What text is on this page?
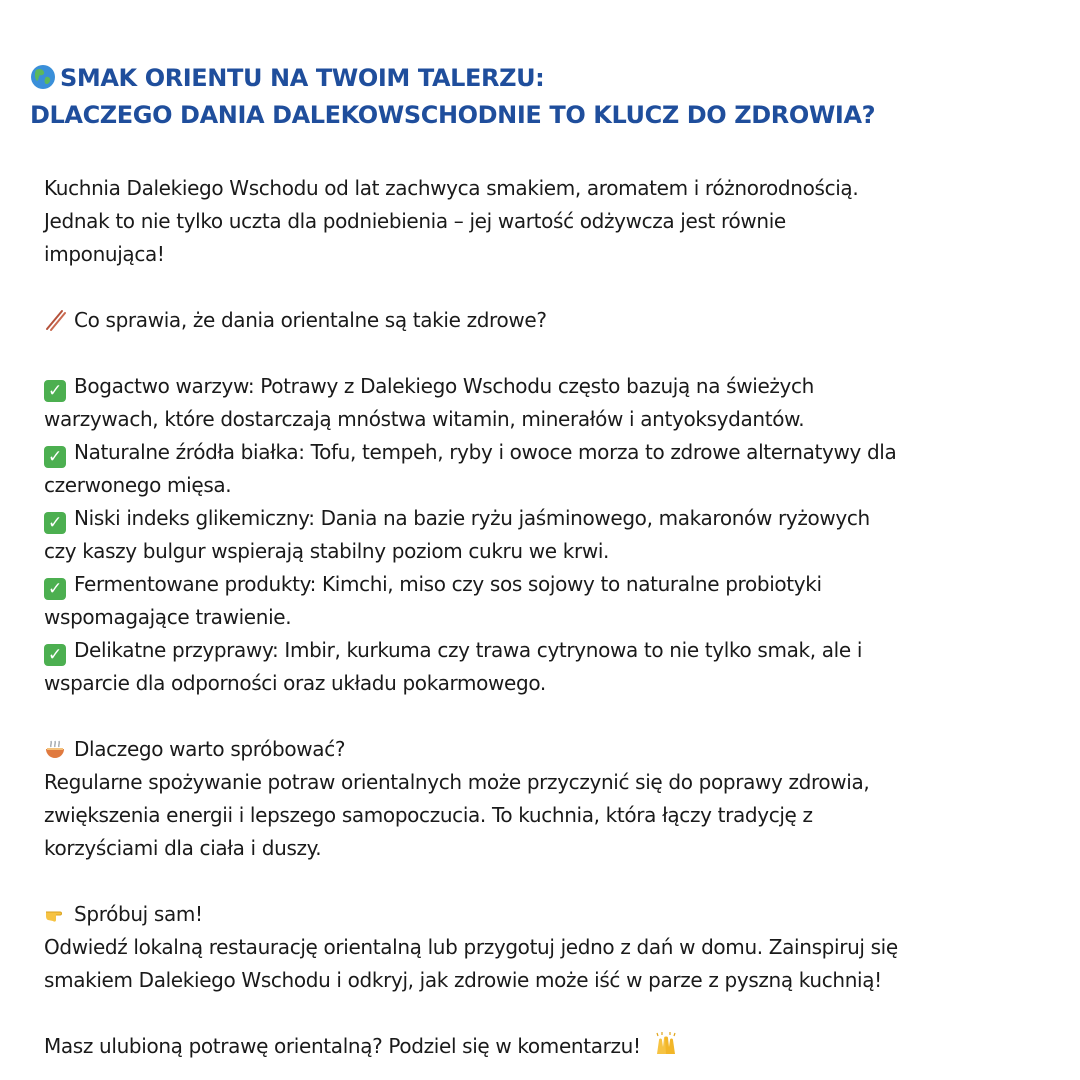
SMAK ORIENTU NA TWOIM TALERZU:
DLACZEGO DANIA DALEKOWSCHODNIE TO KLUCZ DO ZDROWIA?
Kuchnia Dalekiego Wschodu od lat zachwyca smakiem, aromatem i różnorodnością.
Jednak to nie tylko uczta dla podniebienia – jej wartość odżywcza jest równie
imponująca!
Co sprawia, że dania orientalne są takie zdrowe?
✓ Bogactwo warzyw: Potrawy z Dalekiego Wschodu często bazują na świeżych
warzywach, które dostarczają mnóstwa witamin, minerałów i antyoksydantów.
✓ Naturalne źródła białka: Tofu, tempeh, ryby i owoce morza to zdrowe alternatywy dla
czerwonego mięsa.
✓ Niski indeks glikemiczny: Dania na bazie ryżu jaśminowego, makaronów ryżowych
czy kaszy bulgur wspierają stabilny poziom cukru we krwi.
✓ Fermentowane produkty: Kimchi, miso czy sos sojowy to naturalne probiotyki
wspomagające trawienie.
✓ Delikatne przyprawy: Imbir, kurkuma czy trawa cytrynowa to nie tylko smak, ale i
wsparcie dla odporności oraz układu pokarmowego.
Dlaczego warto spróbować?
Regularne spożywanie potraw orientalnych może przyczynić się do poprawy zdrowia,
zwiększenia energii i lepszego samopoczucia. To kuchnia, która łączy tradycję z
korzyściami dla ciała i duszy.
Spróbuj sam!
Odwiedź lokalną restaurację orientalną lub przygotuj jedno z dań w domu. Zainspiruj się
smakiem Dalekiego Wschodu i odkryj, jak zdrowie może iść w parze z pyszną kuchnią!
Masz ulubioną potrawę orientalną? Podziel się w komentarzu!
